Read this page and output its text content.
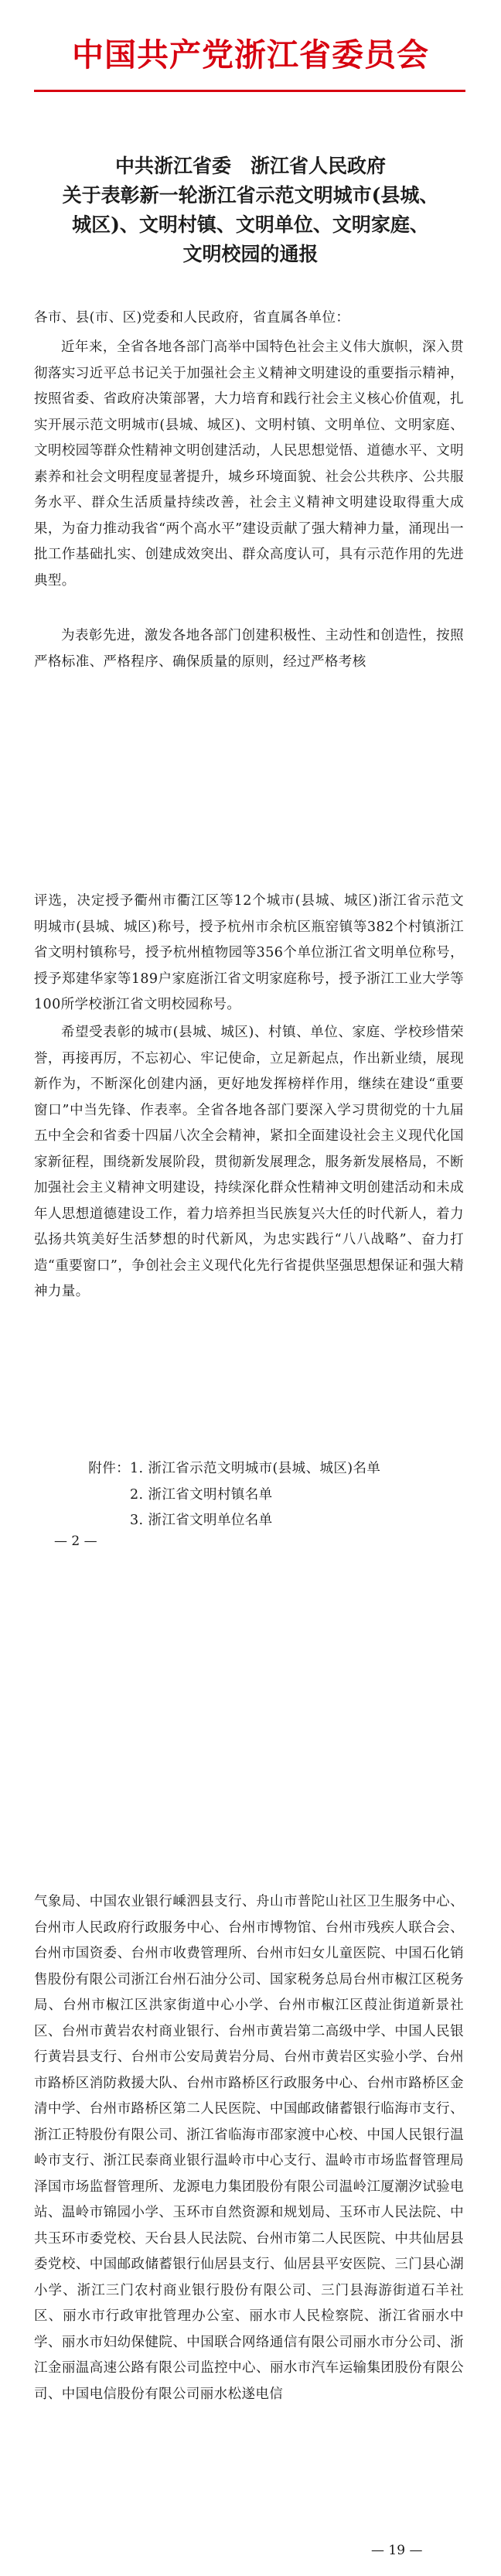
中国共产党浙江省委员会
中共浙江省委　浙江省人民政府
关于表彰新一轮浙江省示范文明城市(县城、
城区)、文明村镇、文明单位、文明家庭、
文明校园的通报
各市、县(市、区)党委和人民政府，省直属各单位：
近年来，全省各地各部门高举中国特色社会主义伟大旗帜，深入贯彻落实习近平总书记关于加强社会主义精神文明建设的重要指示精神，按照省委、省政府决策部署，大力培育和践行社会主义核心价值观，扎实开展示范文明城市(县城、城区)、文明村镇、文明单位、文明家庭、文明校园等群众性精神文明创建活动，人民思想觉悟、道德水平、文明素养和社会文明程度显著提升，城乡环境面貌、社会公共秩序、公共服务水平、群众生活质量持续改善，社会主义精神文明建设取得重大成果，为奋力推动我省“两个高水平”建设贡献了强大精神力量，涌现出一批工作基础扎实、创建成效突出、群众高度认可，具有示范作用的先进典型。
为表彰先进，激发各地各部门创建积极性、主动性和创造性，按照严格标准、严格程序、确保质量的原则，经过严格考核
评选，决定授予衢州市衢江区等12个城市(县城、城区)浙江省示范文明城市(县城、城区)称号，授予杭州市余杭区瓶窑镇等382个村镇浙江省文明村镇称号，授予杭州植物园等356个单位浙江省文明单位称号，授予郑建华家等189户家庭浙江省文明家庭称号，授予浙江工业大学等100所学校浙江省文明校园称号。
希望受表彰的城市(县城、城区)、村镇、单位、家庭、学校珍惜荣誉，再接再厉，不忘初心、牢记使命，立足新起点，作出新业绩，展现新作为，不断深化创建内涵，更好地发挥榜样作用，继续在建设“重要窗口”中当先锋、作表率。全省各地各部门要深入学习贯彻党的十九届五中全会和省委十四届八次全会精神，紧扣全面建设社会主义现代化国家新征程，围绕新发展阶段，贯彻新发展理念，服务新发展格局，不断加强社会主义精神文明建设，持续深化群众性精神文明创建活动和未成年人思想道德建设工作，着力培养担当民族复兴大任的时代新人，着力弘扬共筑美好生活梦想的时代新风，为忠实践行“八八战略”、奋力打造“重要窗口”，争创社会主义现代化先行省提供坚强思想保证和强大精神力量。
附件：1. 浙江省示范文明城市(县城、城区)名单
2. 浙江省文明村镇名单
3. 浙江省文明单位名单
— 2 —
气象局、中国农业银行嵊泗县支行、舟山市普陀山社区卫生服务中心、台州市人民政府行政服务中心、台州市博物馆、台州市残疾人联合会、台州市国资委、台州市收费管理所、台州市妇女儿童医院、中国石化销售股份有限公司浙江台州石油分公司、国家税务总局台州市椒江区税务局、台州市椒江区洪家街道中心小学、台州市椒江区葭沚街道新景社区、台州市黄岩农村商业银行、台州市黄岩第二高级中学、中国人民银行黄岩县支行、台州市公安局黄岩分局、台州市黄岩区实验小学、台州市路桥区消防救援大队、台州市路桥区行政服务中心、台州市路桥区金清中学、台州市路桥区第二人民医院、中国邮政储蓄银行临海市支行、浙江正特股份有限公司、浙江省临海市邵家渡中心校、中国人民银行温岭市支行、浙江民泰商业银行温岭市中心支行、温岭市市场监督管理局泽国市场监督管理所、龙源电力集团股份有限公司温岭江厦潮汐试验电站、温岭市锦园小学、玉环市自然资源和规划局、玉环市人民法院、中共玉环市委党校、天台县人民法院、台州市第二人民医院、中共仙居县委党校、中国邮政储蓄银行仙居县支行、仙居县平安医院、三门县心湖小学、浙江三门农村商业银行股份有限公司、三门县海游街道石羊社区、丽水市行政审批管理办公室、丽水市人民检察院、浙江省丽水中学、丽水市妇幼保健院、中国联合网络通信有限公司丽水市分公司、浙江金丽温高速公路有限公司监控中心、丽水市汽车运输集团股份有限公司、中国电信股份有限公司丽水松遂电信
— 19 —
